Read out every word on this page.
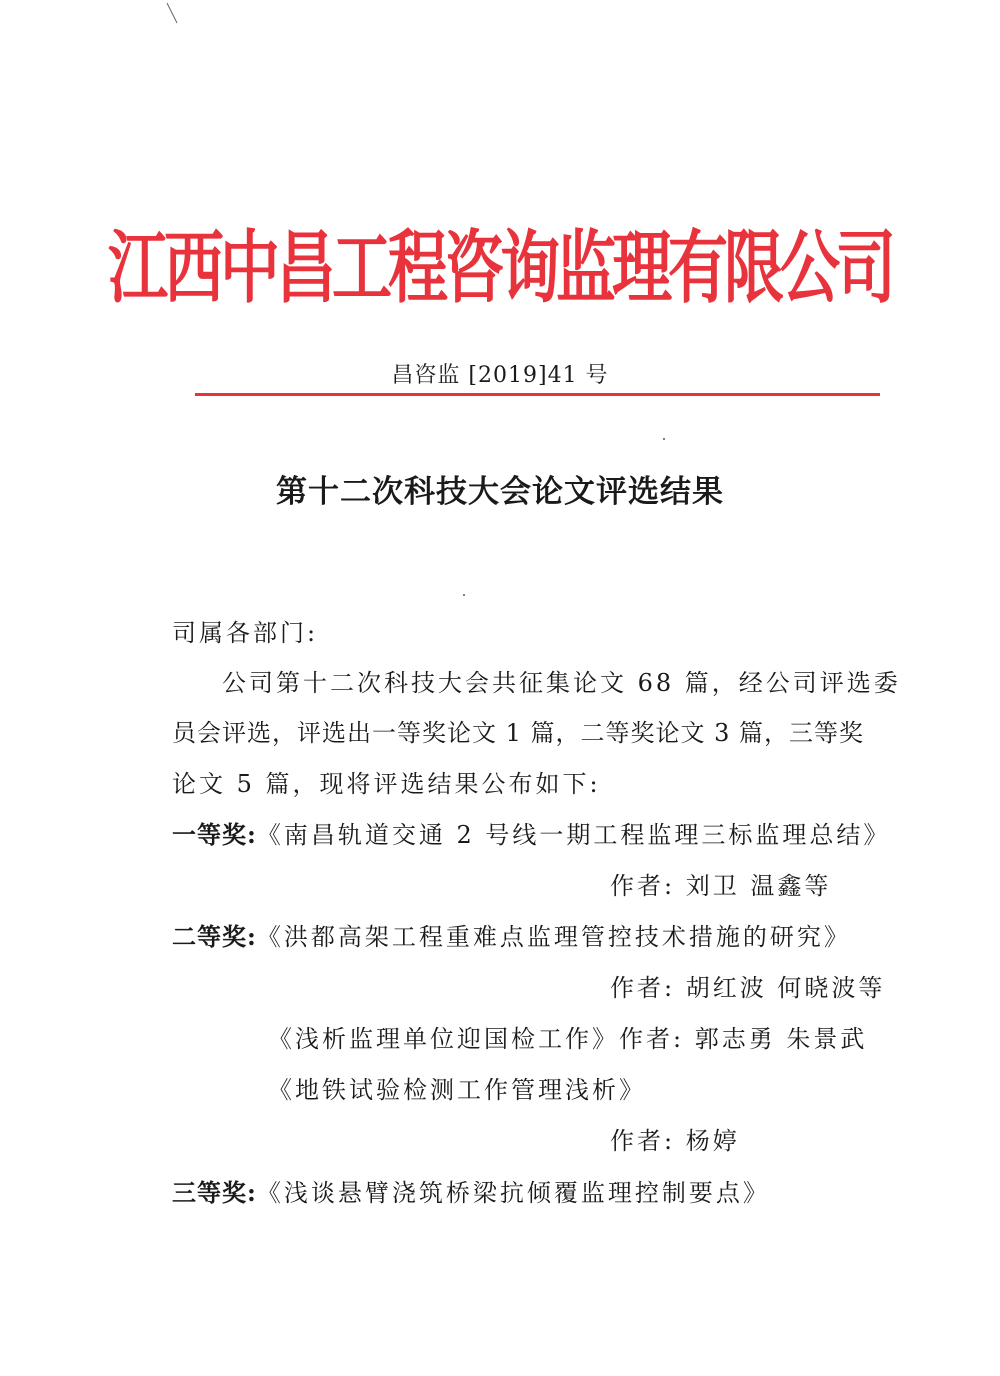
江西中昌工程咨询监理有限公司
昌咨监 [2019]41 号
第十二次科技大会论文评选结果
司属各部门:
公司第十二次科技大会共征集论文 68 篇，经公司评选委
员会评选，评选出一等奖论文 1 篇，二等奖论文 3 篇，三等奖
论文 5 篇，现将评选结果公布如下:
一等奖:《南昌轨道交通 2 号线一期工程监理三标监理总结》
作者: 刘卫 温鑫等
二等奖:《洪都高架工程重难点监理管控技术措施的研究》
作者: 胡红波 何晓波等
《浅析监理单位迎国检工作》作者: 郭志勇 朱景武
《地铁试验检测工作管理浅析》
作者: 杨婷
三等奖:《浅谈悬臂浇筑桥梁抗倾覆监理控制要点》
